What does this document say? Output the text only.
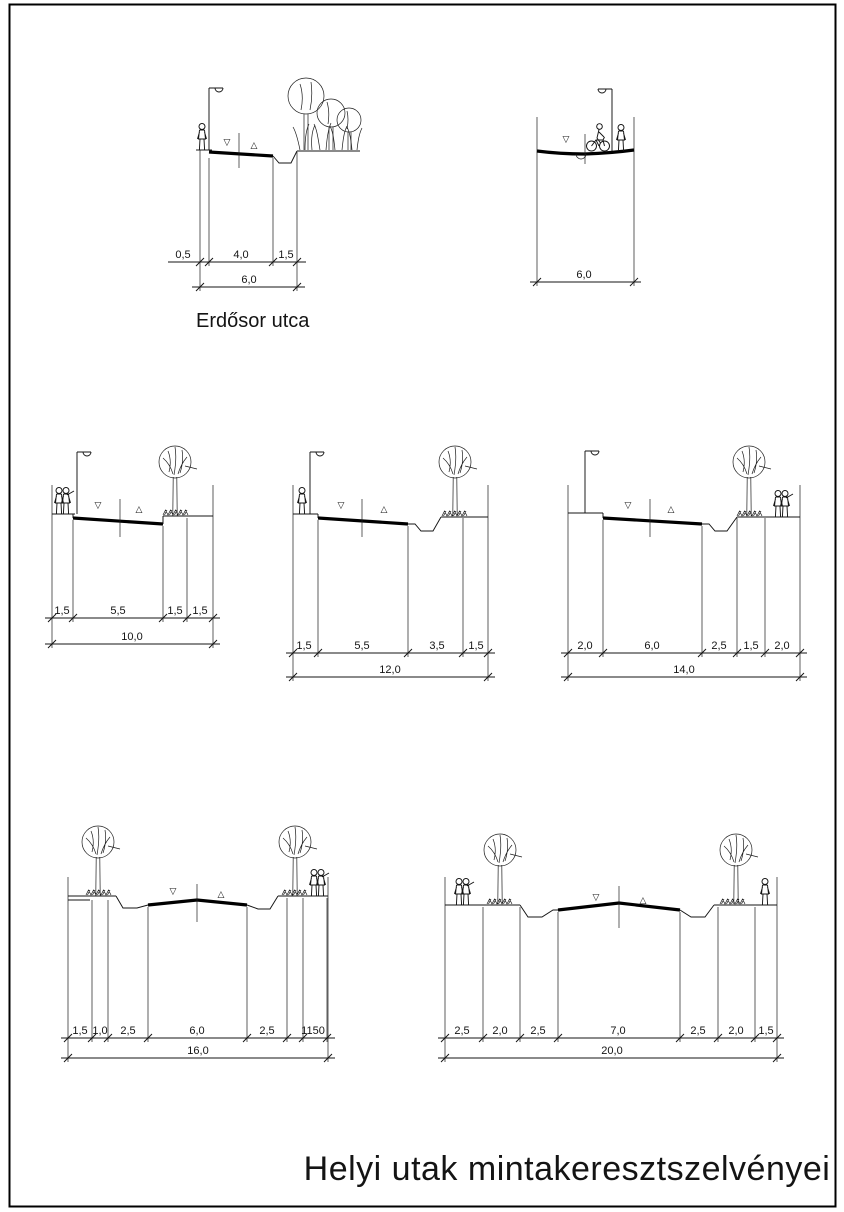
▽ △
0,5	4,0	1,5
6,0
Erdősor utca
▽
6,0
▽	△
1,5	5,5	1,5 1,5
10,0
▽	△
1,5	5,5	3,5 1,5
12,0
▽	△
2,0	6,0	2,5 1,5 2,0
14,0
▽	△
1,5 1,0 2,5	6,0	2,5 1150
16,0
▽	△
2,5 2,0 2,5	7,0	2,5 2,0 1,5
20,0
Helyi utak mintakeresztszelvényei
